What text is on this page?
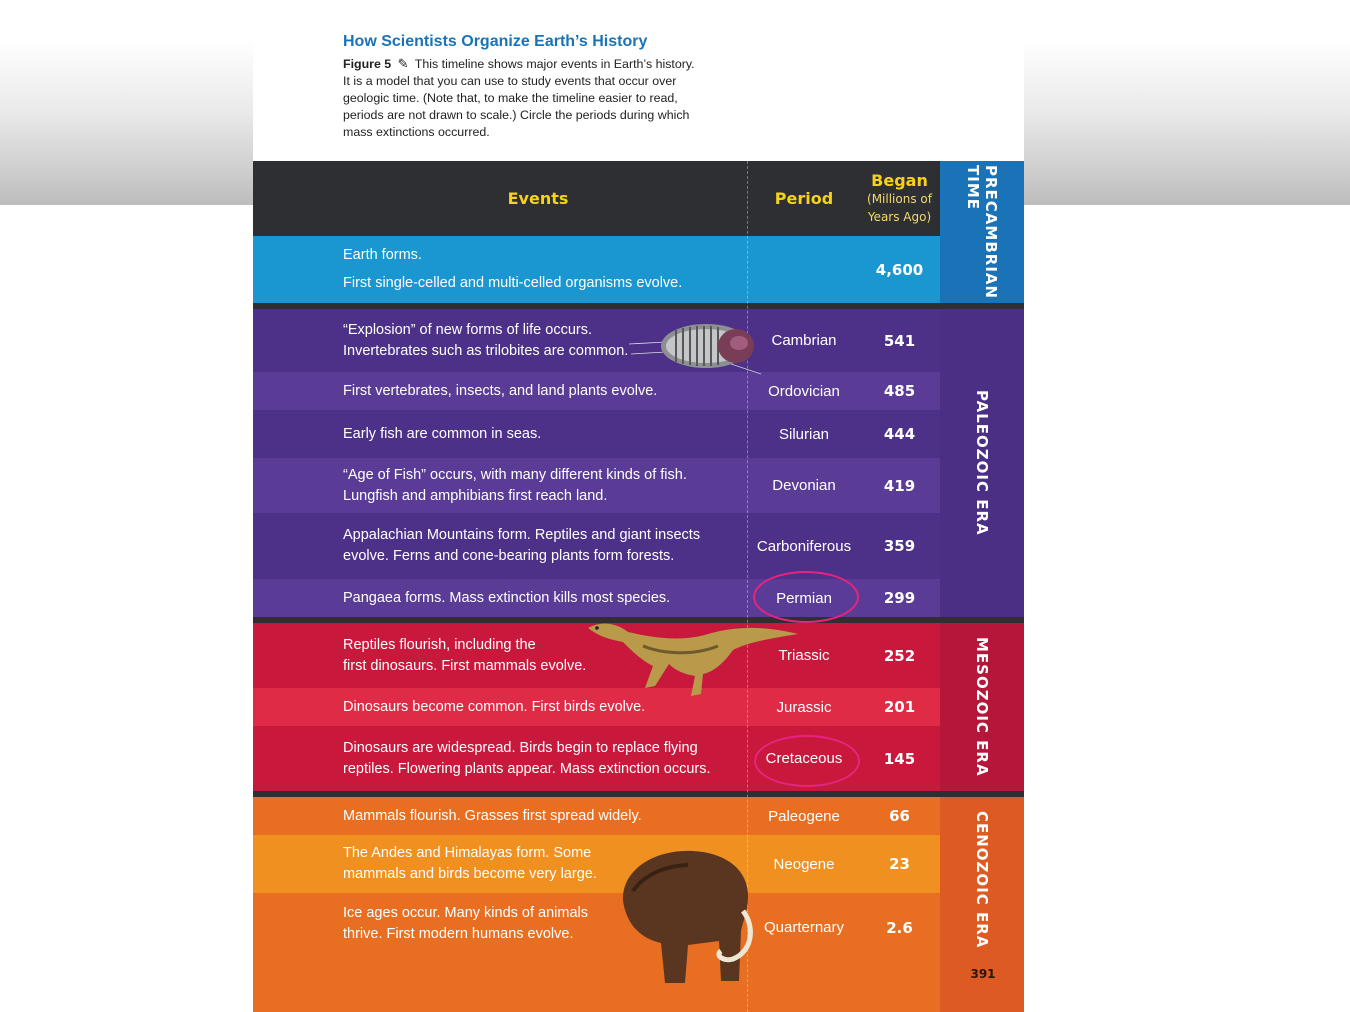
How Scientists Organize Earth’s History

Figure 5 ✎ This timeline shows major events in Earth’s history.
It is a model that you can use to study events that occur over
geologic time. (Note that, to make the timeline easier to read,
periods are not drawn to scale.) Circle the periods during which
mass extinctions occurred.

Events	Period
Began
(Millions of
Years Ago)
Earth forms.
First single-celled and multi-celled organisms evolve.
4,600
“Explosion” of new forms of life occurs.
Invertebrates such as trilobites are common.
Cambrian	541
First vertebrates, insects, and land plants evolve.	Ordovician	485
Early fish are common in seas.	Silurian	444
“Age of Fish” occurs, with many different kinds of fish.
Lungfish and amphibians first reach land.
Devonian	419
Appalachian Mountains form. Reptiles and giant insects
evolve. Ferns and cone-bearing plants form forests.
Carboniferous	359
Pangaea forms. Mass extinction kills most species.	Permian	299
Reptiles flourish, including the
first dinosaurs. First mammals evolve.
Triassic	252
Dinosaurs become common. First birds evolve.	Jurassic	201
Dinosaurs are widespread. Birds begin to replace flying
reptiles. Flowering plants appear. Mass extinction occurs.
Cretaceous	145
Mammals flourish. Grasses first spread widely.	Paleogene	66
The Andes and Himalayas form. Some
mammals and birds become very large.
Neogene	23
Ice ages occur. Many kinds of animals
thrive. First modern humans evolve.	Quarternary	2.6
PRECAMBRIAN
TIME
PALEOZOIC ERA
MESOZOIC ERA
CENOZOIC ERA
391
